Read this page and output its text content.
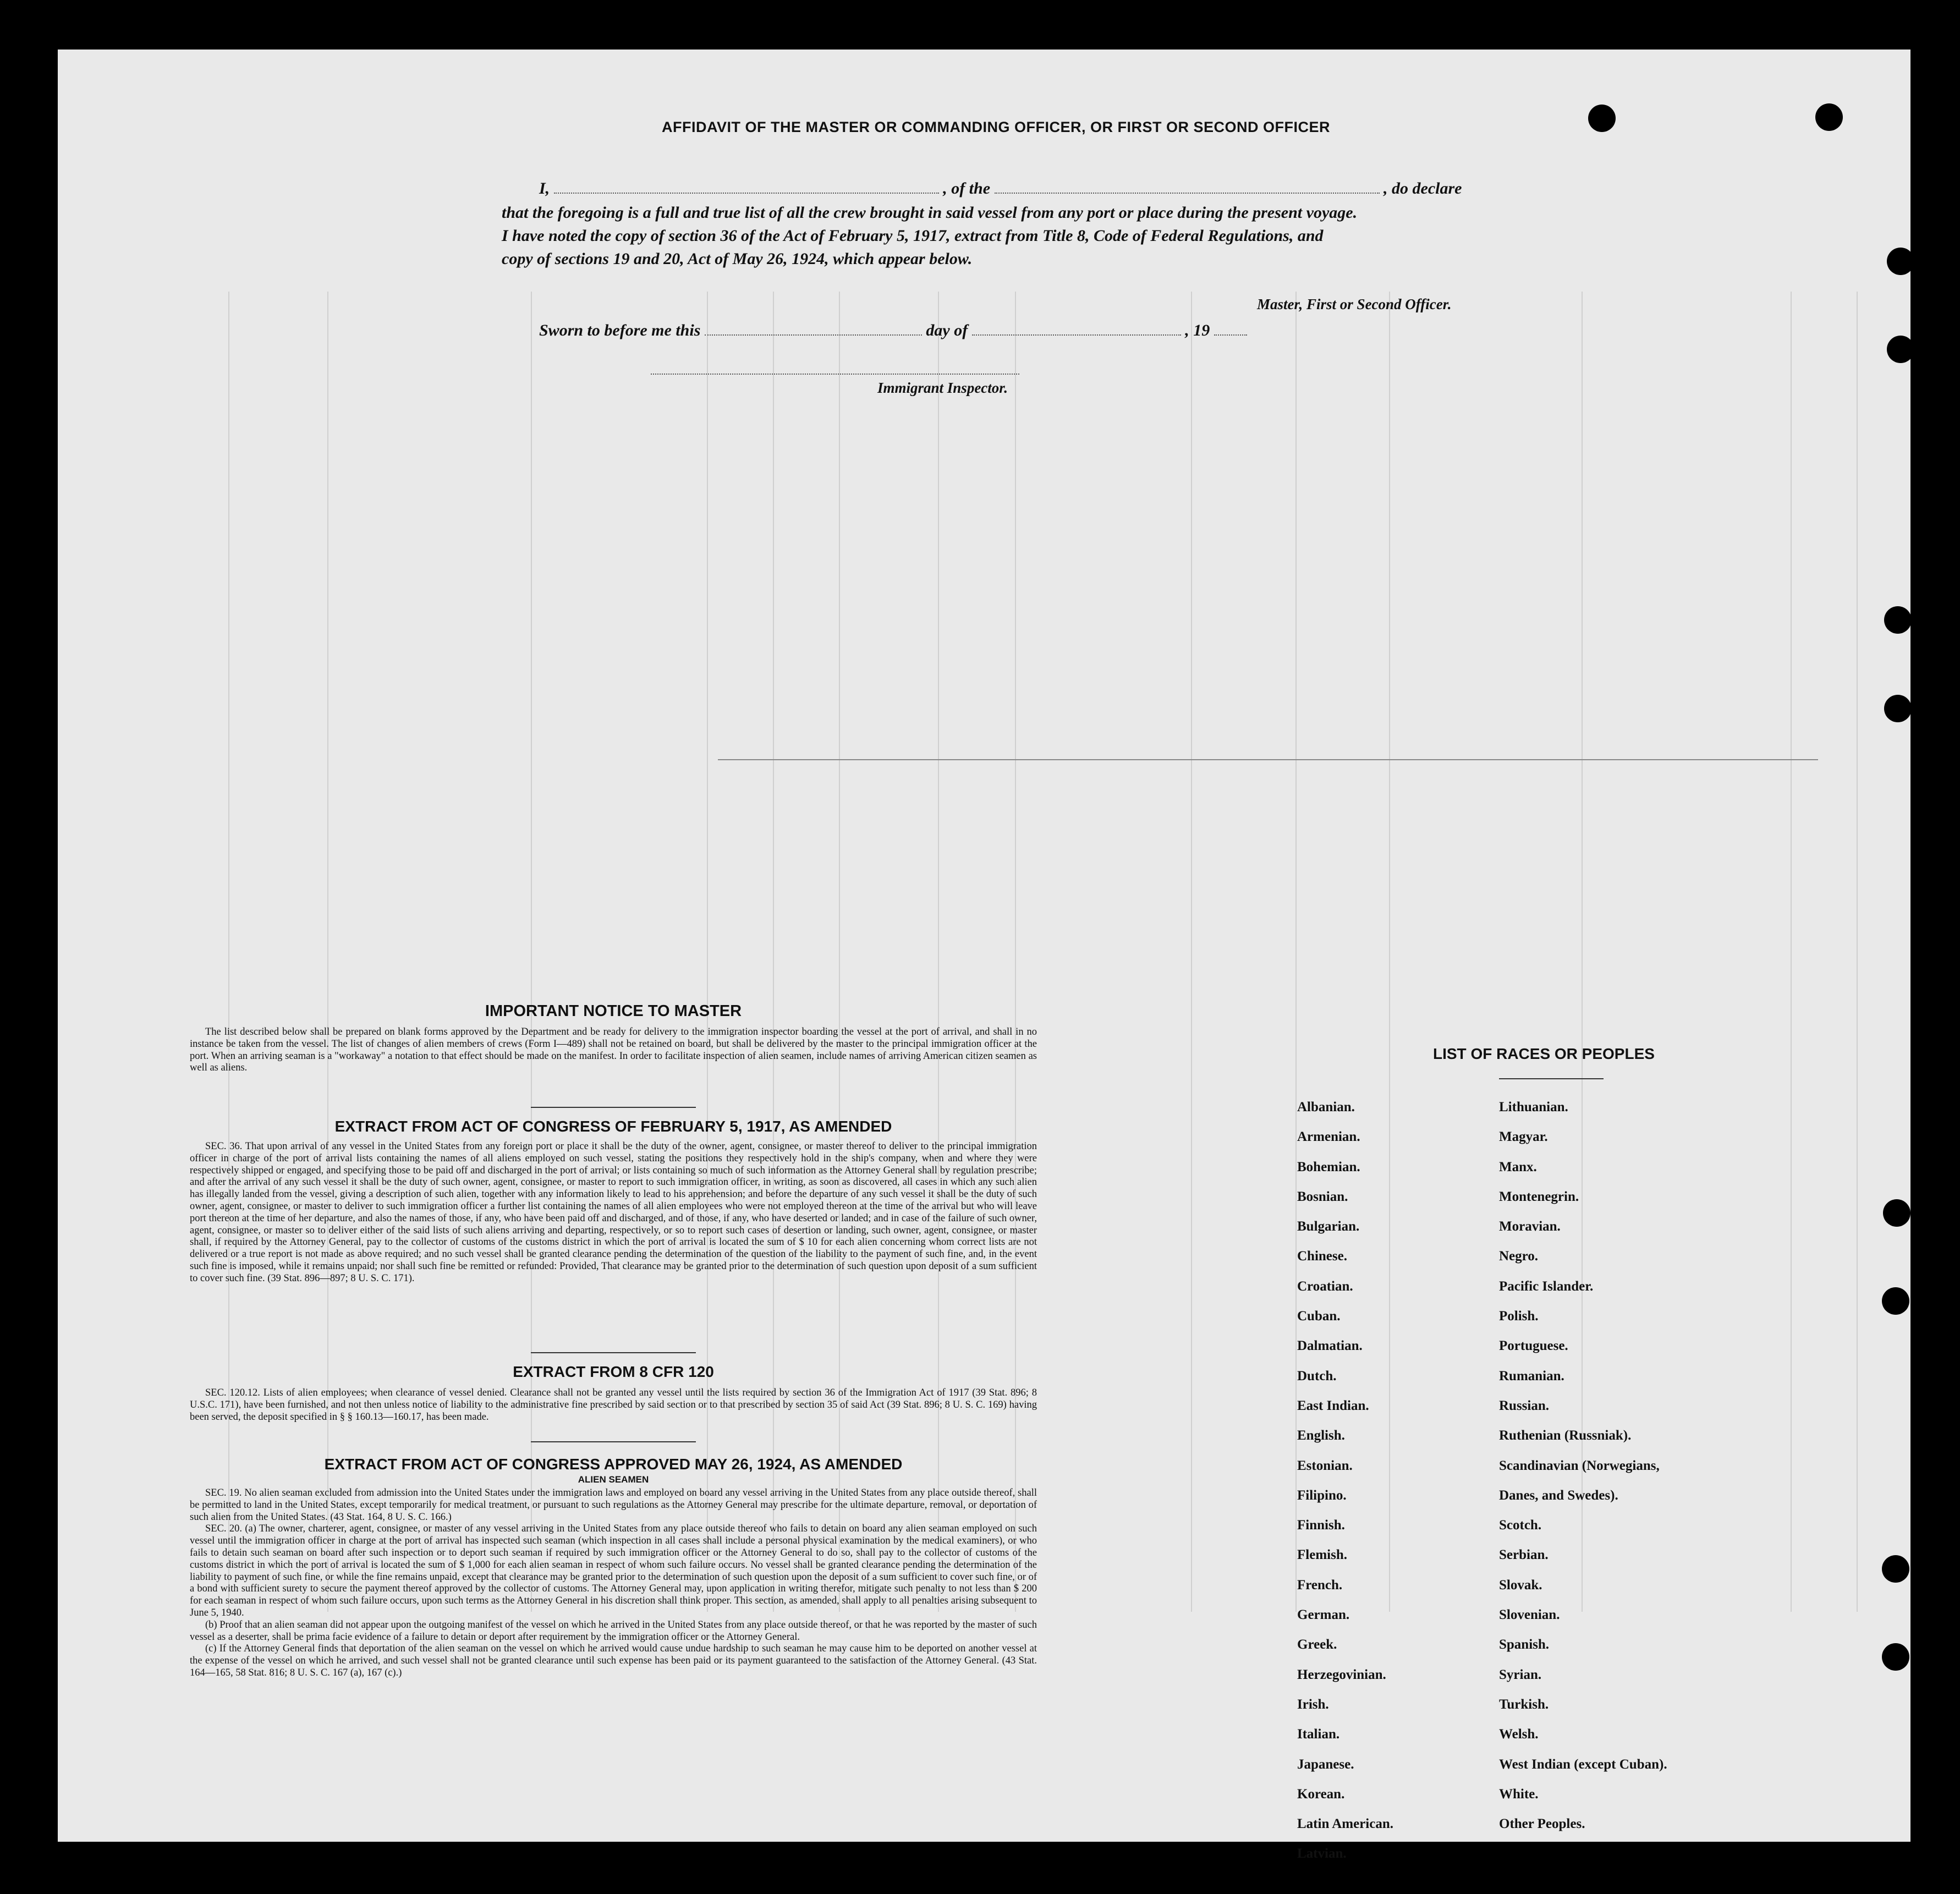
AFFIDAVIT OF THE MASTER OR COMMANDING OFFICER, OR FIRST OR SECOND OFFICER
I,	, of the	, do declare
that the foregoing is a full and true list of all the crew brought in said vessel from any port or place during the present voyage.
I have noted the copy of section 36 of the Act of February 5, 1917, extract from Title 8, Code of Federal Regulations, and
copy of sections 19 and 20, Act of May 26, 1924, which appear below.
Master, First or Second Officer.
Sworn to before me this	day of	, 19
Immigrant Inspector.
IMPORTANT NOTICE TO MASTER

The list described below shall be prepared on blank forms approved by the Department and be ready for delivery to the immigration inspector boarding the vessel at the port of arrival, and shall in no instance be taken from the vessel. The list of changes of alien members of crews (Form I—489) shall not be retained on board, but shall be delivered by the master to the principal immigration officer at the port. When an arriving seaman is a "workaway" a notation to that effect should be made on the manifest. In order to facilitate inspection of alien seamen, include names of arriving American citizen seamen as well as aliens.

EXTRACT FROM ACT OF CONGRESS OF FEBRUARY 5, 1917, AS AMENDED

SEC. 36. That upon arrival of any vessel in the United States from any foreign port or place it shall be the duty of the owner, agent, consignee, or master thereof to deliver to the principal immigration officer in charge of the port of arrival lists containing the names of all aliens employed on such vessel, stating the positions they respectively hold in the ship's company, when and where they were respectively shipped or engaged, and specifying those to be paid off and discharged in the port of arrival; or lists containing so much of such information as the Attorney General shall by regulation prescribe; and after the arrival of any such vessel it shall be the duty of such owner, agent, consignee, or master to report to such immigration officer, in writing, as soon as discovered, all cases in which any such alien has illegally landed from the vessel, giving a description of such alien, together with any information likely to lead to his apprehension; and before the departure of any such vessel it shall be the duty of such owner, agent, consignee, or master to deliver to such immigration officer a further list containing the names of all alien employees who were not employed thereon at the time of the arrival but who will leave port thereon at the time of her departure, and also the names of those, if any, who have been paid off and discharged, and of those, if any, who have deserted or landed; and in case of the failure of such owner, agent, consignee, or master so to deliver either of the said lists of such aliens arriving and departing, respectively, or so to report such cases of desertion or landing, such owner, agent, consignee, or master shall, if required by the Attorney General, pay to the collector of customs of the customs district in which the port of arrival is located the sum of $ 10 for each alien concerning whom correct lists are not delivered or a true report is not made as above required; and no such vessel shall be granted clearance pending the determination of the question of the liability to the payment of such fine, and, in the event such fine is imposed, while it remains unpaid; nor shall such fine be remitted or refunded: Provided, That clearance may be granted prior to the determination of such question upon deposit of a sum sufficient to cover such fine. (39 Stat. 896—897; 8 U. S. C. 171).

EXTRACT FROM 8 CFR 120

SEC. 120.12. Lists of alien employees; when clearance of vessel denied. Clearance shall not be granted any vessel until the lists required by section 36 of the Immigration Act of 1917 (39 Stat. 896; 8 U.S.C. 171), have been furnished, and not then unless notice of liability to the administrative fine prescribed by said section or to that prescribed by section 35 of said Act (39 Stat. 896; 8 U. S. C. 169) having been served, the deposit specified in § § 160.13—160.17, has been made.

EXTRACT FROM ACT OF CONGRESS APPROVED MAY 26, 1924, AS AMENDED
ALIEN SEAMEN

SEC. 19. No alien seaman excluded from admission into the United States under the immigration laws and employed on board any vessel arriving in the United States from any place outside thereof, shall be permitted to land in the United States, except temporarily for medical treatment, or pursuant to such regulations as the Attorney General may prescribe for the ultimate departure, removal, or deportation of such alien from the United States. (43 Stat. 164, 8 U. S. C. 166.)

SEC. 20. (a) The owner, charterer, agent, consignee, or master of any vessel arriving in the United States from any place outside thereof who fails to detain on board any alien seaman employed on such vessel until the immigration officer in charge at the port of arrival has inspected such seaman (which inspection in all cases shall include a personal physical examination by the medical examiners), or who fails to detain such seaman on board after such inspection or to deport such seaman if required by such immigration officer or the Attorney General to do so, shall pay to the collector of customs of the customs district in which the port of arrival is located the sum of $ 1,000 for each alien seaman in respect of whom such failure occurs. No vessel shall be granted clearance pending the determination of the liability to payment of such fine, or while the fine remains unpaid, except that clearance may be granted prior to the determination of such question upon the deposit of a sum sufficient to cover such fine, or of a bond with sufficient surety to secure the payment thereof approved by the collector of customs. The Attorney General may, upon application in writing therefor, mitigate such penalty to not less than $ 200 for each seaman in respect of whom such failure occurs, upon such terms as the Attorney General in his discretion shall think proper. This section, as amended, shall apply to all penalties arising subsequent to June 5, 1940.

(b) Proof that an alien seaman did not appear upon the outgoing manifest of the vessel on which he arrived in the United States from any place outside thereof, or that he was reported by the master of such vessel as a deserter, shall be prima facie evidence of a failure to detain or deport after requirement by the immigration officer or the Attorney General.

(c) If the Attorney General finds that deportation of the alien seaman on the vessel on which he arrived would cause undue hardship to such seaman he may cause him to be deported on another vessel at the expense of the vessel on which he arrived, and such vessel shall not be granted clearance until such expense has been paid or its payment guaranteed to the satisfaction of the Attorney General. (43 Stat. 164—165, 58 Stat. 816; 8 U. S. C. 167 (a), 167 (c).)

LIST OF RACES OR PEOPLES
Albanian.
Armenian.
Bohemian.
Bosnian.
Bulgarian.
Chinese.
Croatian.
Cuban.
Dalmatian.
Dutch.
East Indian.
English.
Estonian.
Filipino.
Finnish.
Flemish.
French.
German.
Greek.
Herzegovinian.
Irish.
Italian.
Japanese.
Korean.
Latin American.
Latvian.
Lithuanian.
Magyar.
Manx.
Montenegrin.
Moravian.
Negro.
Pacific Islander.
Polish.
Portuguese.
Rumanian.
Russian.
Ruthenian (Russniak).
Scandinavian (Norwegians,
Danes, and Swedes).
Scotch.
Serbian.
Slovak.
Slovenian.
Spanish.
Syrian.
Turkish.
Welsh.
West Indian (except Cuban).
White.
Other Peoples.
